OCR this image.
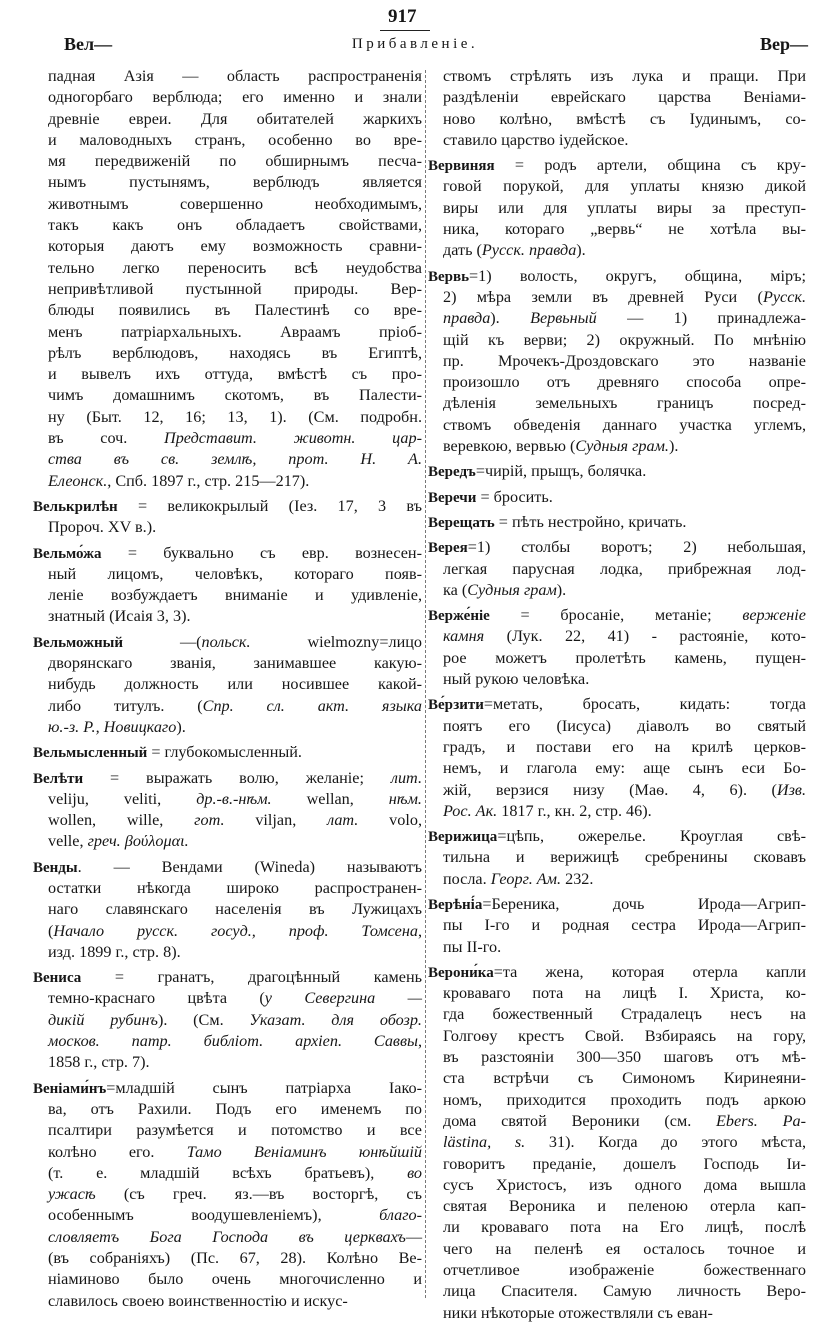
917
Вел—	Прибавленіе.	Вер—
падная Азія — область распространенія
одногорбаго верблюда; его именно и знали
древніе евреи. Для обитателей жаркихъ
и маловодныхъ странъ, особенно во вре-
мя передвиженій по обширнымъ песча-
нымъ пустынямъ, верблюдъ является
животнымъ совершенно необходимымъ,
такъ какъ онъ обладаетъ свойствами,
которыя даютъ ему возможность сравни-
тельно легко переносить всѣ неудобства
непривѣтливой пустынной природы. Вер-
блюды появились въ Палестинѣ со вре-
менъ патріархальныхъ. Авраамъ пріоб-
рѣлъ верблюдовъ, находясь въ Египтѣ,
и вывелъ ихъ оттуда, вмѣстѣ съ про-
чимъ домашнимъ скотомъ, въ Палести-
ну (Быт. 12, 16; 13, 1). (См. подробн.
въ соч. Представит. животн. цар-
ства въ св. землѣ, прот. Н. А.
Елеонск., Спб. 1897 г., стр. 215—217).
Велькрилѣн = великокрылый (Іез. 17, 3 въ
Пророч. XV в.).
Вельмо́жа = буквально съ евр. вознесен-
ный лицомъ, человѣкъ, котораго появ-
леніе возбуждаетъ вниманіе и удивленіе,
знатный (Исаія 3, 3).
Вельможный —(польск. wielmozny=лицо
дворянскаго званія, занимавшее какую-
нибудь должность или носившее какой-
либо титулъ. (Спр. сл. акт. языка
ю.-з. Р., Новицкаго).
Вельмысленный = глубокомысленный.
Велѣти = выражать волю, желаніе; лит.
veliju, veliti, др.-в.-нѣм. wellan, нѣм.
wollen, wille, гот. viljan, лат. volo,
velle, греч. βούλομαι.
Венды. — Вендами (Wineda) называютъ
остатки нѣкогда широко распространен-
наго славянскаго населенія въ Лужицахъ
(Начало русск. госуд., проф. Томсена,
изд. 1899 г., стр. 8).
Вениса = гранатъ, драгоцѣнный камень
темно-краснаго цвѣта (у Севергина —
дикій рубинъ). (См. Указат. для обозр.
москов. патр. библіот. архіеп. Саввы,
1858 г., стр. 7).
Веніами́нъ=младшій сынъ патріарха Іако-
ва, отъ Рахили. Подъ его именемъ по
псалтири разумѣется и потомство и все
колѣно его. Тамо Веніаминъ юнѣйшій
(т. е. младшій всѣхъ братьевъ), во
ужасѣ (съ греч. яз.—въ восторгѣ, съ
особеннымъ воодушевленіемъ), благо-
словляетъ Бога Господа въ церквахъ—
(въ собраніяхъ) (Пс. 67, 28). Колѣно Ве-
ніаминово было очень многочисленно и
славилось своею воинственностію и искус-
ствомъ стрѣлять изъ лука и пращи. При
раздѣленіи еврейскаго царства Веніами-
ново колѣно, вмѣстѣ съ Іудинымъ, со-
ставило царство іудейское.
Вервиняя = родъ артели, община съ кру-
говой порукой, для уплаты князю дикой
виры или для уплаты виры за преступ-
ника, котораго „вервь“ не хотѣла вы-
дать (Русск. правда).
Вервь=1) волость, округъ, община, міръ;
2) мѣра земли въ древней Руси (Русск.
правда). Вервьный — 1) принадлежа-
щій къ верви; 2) окружный. По мнѣнію
пр. Мрочекъ-Дроздовскаго это названіе
произошло отъ древняго способа опре-
дѣленія земельныхъ границъ посред-
ствомъ обведенія даннаго участка углемъ,
веревкою, вервью (Судныя грам.).
Вередъ=чирій, прыщъ, болячка.
Веречи = бросить.
Верещать = пѣть нестройно, кричать.
Верея=1) столбы воротъ; 2) небольшая,
легкая парусная лодка, прибрежная лод-
ка (Судныя грам).
Верже́ніе = бросаніе, метаніе; верженіе
камня (Лук. 22, 41) - растояніе, кото-
рое можетъ пролетѣть камень, пущен-
ный рукою человѣка.
Ве́рзити=метать, бросать, кидать: тогда
поятъ его (Іисуса) діаволъ во святый
градъ, и постави его на крилѣ церков-
немъ, и глагола ему: аще сынъ еси Бо-
жій, верзися низу (Маѳ. 4, 6). (Изв.
Рос. Ак. 1817 г., кн. 2, стр. 46).
Верижица=цѣпь, ожерелье. Кроуглая свѣ-
тильна и верижицѣ сребренины сковавъ
посла. Георг. Ам. 232.
Верѣні́а=Береника, дочь Ирода—Агрип-
пы I-го и родная сестра Ирода—Агрип-
пы II-го.
Верони́ка=та жена, которая отерла капли
кроваваго пота на лицѣ І. Христа, ко-
гда божественный Страдалецъ несъ на
Голгоѳу крестъ Свой. Взбираясь на гору,
въ разстояніи 300—350 шаговъ отъ мѣ-
ста встрѣчи съ Симономъ Киринеяни-
номъ, приходится проходить подъ аркою
дома святой Вероники (см. Ebers. Pa-
lästina, s. 31). Когда до этого мѣста,
говоритъ преданіе, дошелъ Господь Іи-
сусъ Христосъ, изъ одного дома вышла
святая Вероника и пеленою отерла кап-
ли кроваваго пота на Его лицѣ, послѣ
чего на пеленѣ ея осталось точное и
отчетливое изображеніе божественнаго
лица Спасителя. Самую личность Веро-
ники нѣкоторые отожествляли съ еван-
